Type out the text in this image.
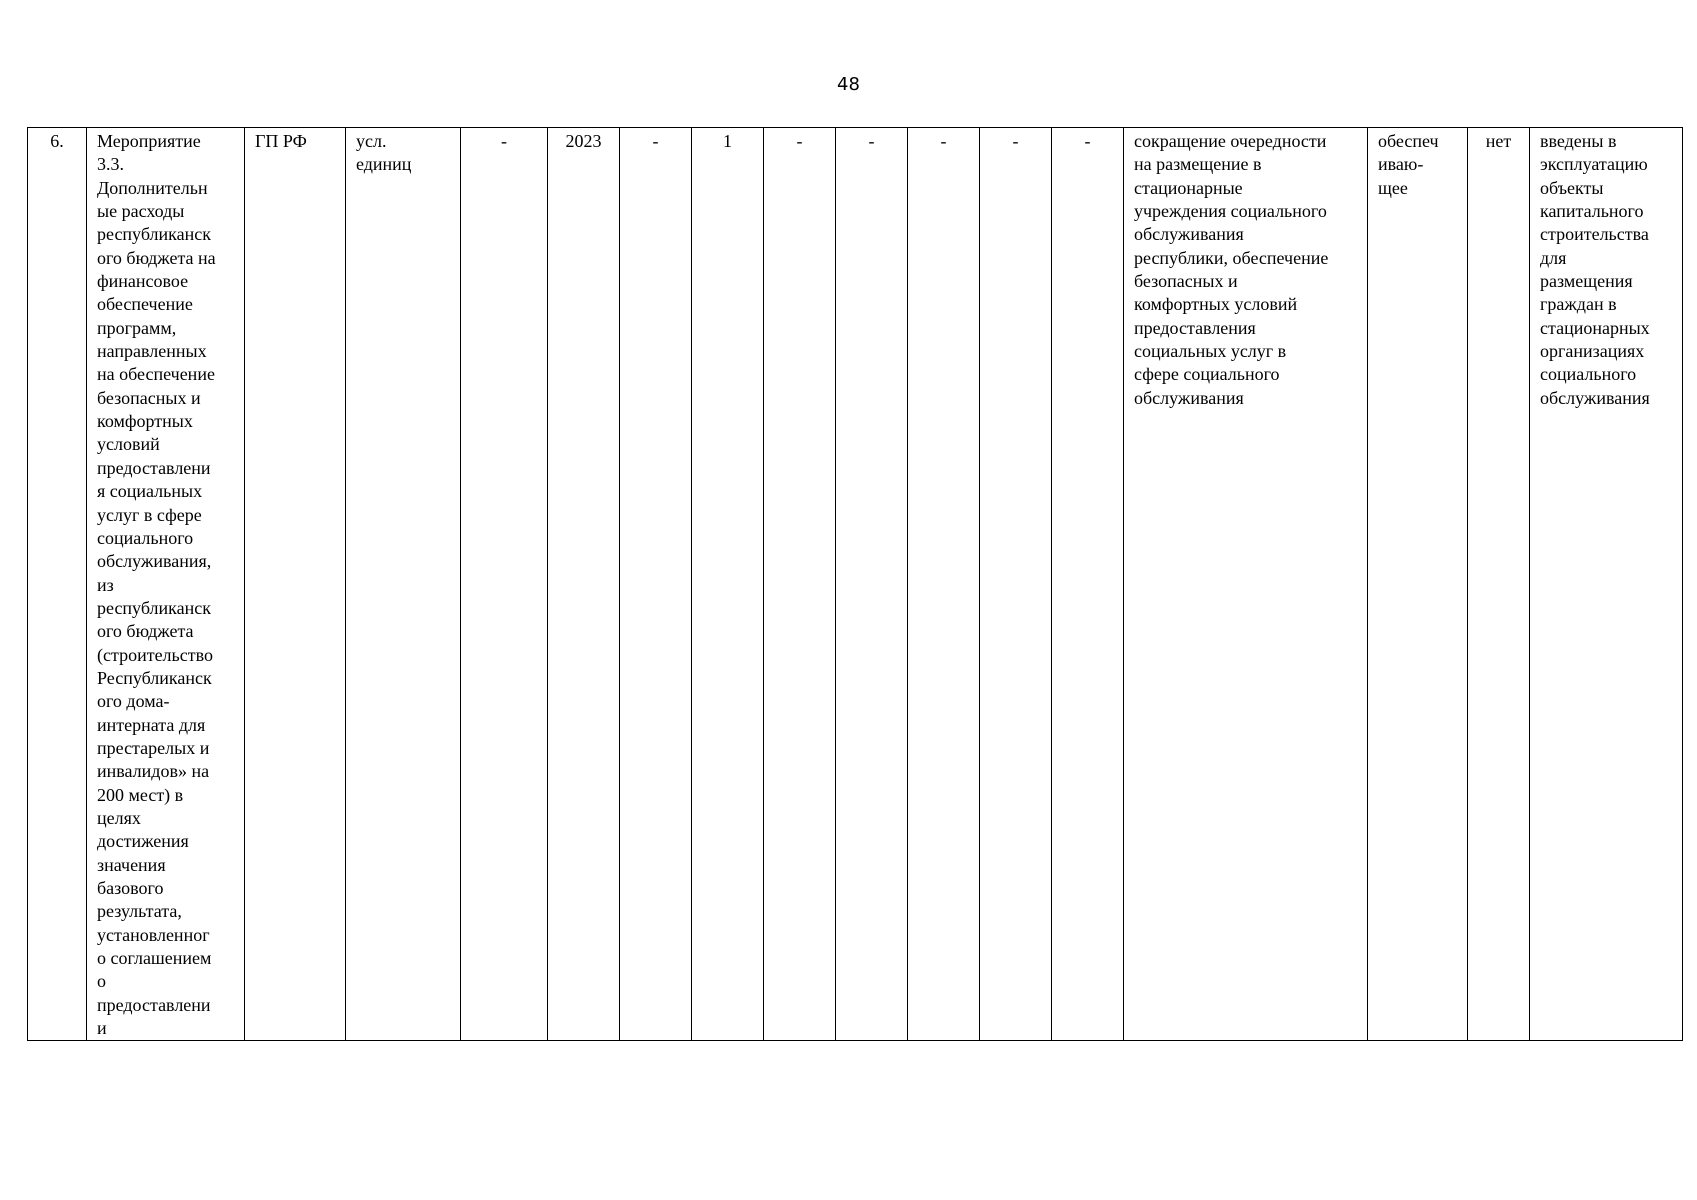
48
6.	Мероприятие
3.3.
Дополнительн
ые расходы
республиканск
ого бюджета на
финансовое
обеспечение
программ,
направленных
на обеспечение
безопасных и
комфортных
условий
предоставлени
я социальных
услуг в сфере
социального
обслуживания,
из
республиканск
ого бюджета
(строительство
Республиканск
ого дома-
интерната для
престарелых и
инвалидов» на
200 мест) в
целях
достижения
значения
базового
результата,
установленног
о соглашением
о
предоставлени
и	ГП РФ	усл.
единиц	-	2023	-	1	-	-	-	-	-	сокращение очередности
на размещение в
стационарные
учреждения социального
обслуживания
республики, обеспечение
безопасных и
комфортных условий
предоставления
социальных услуг в
сфере социального
обслуживания	обеспеч
иваю-
щее	нет	введены в
эксплуатацию
объекты
капитального
строительства
для
размещения
граждан в
стационарных
организациях
социального
обслуживания
